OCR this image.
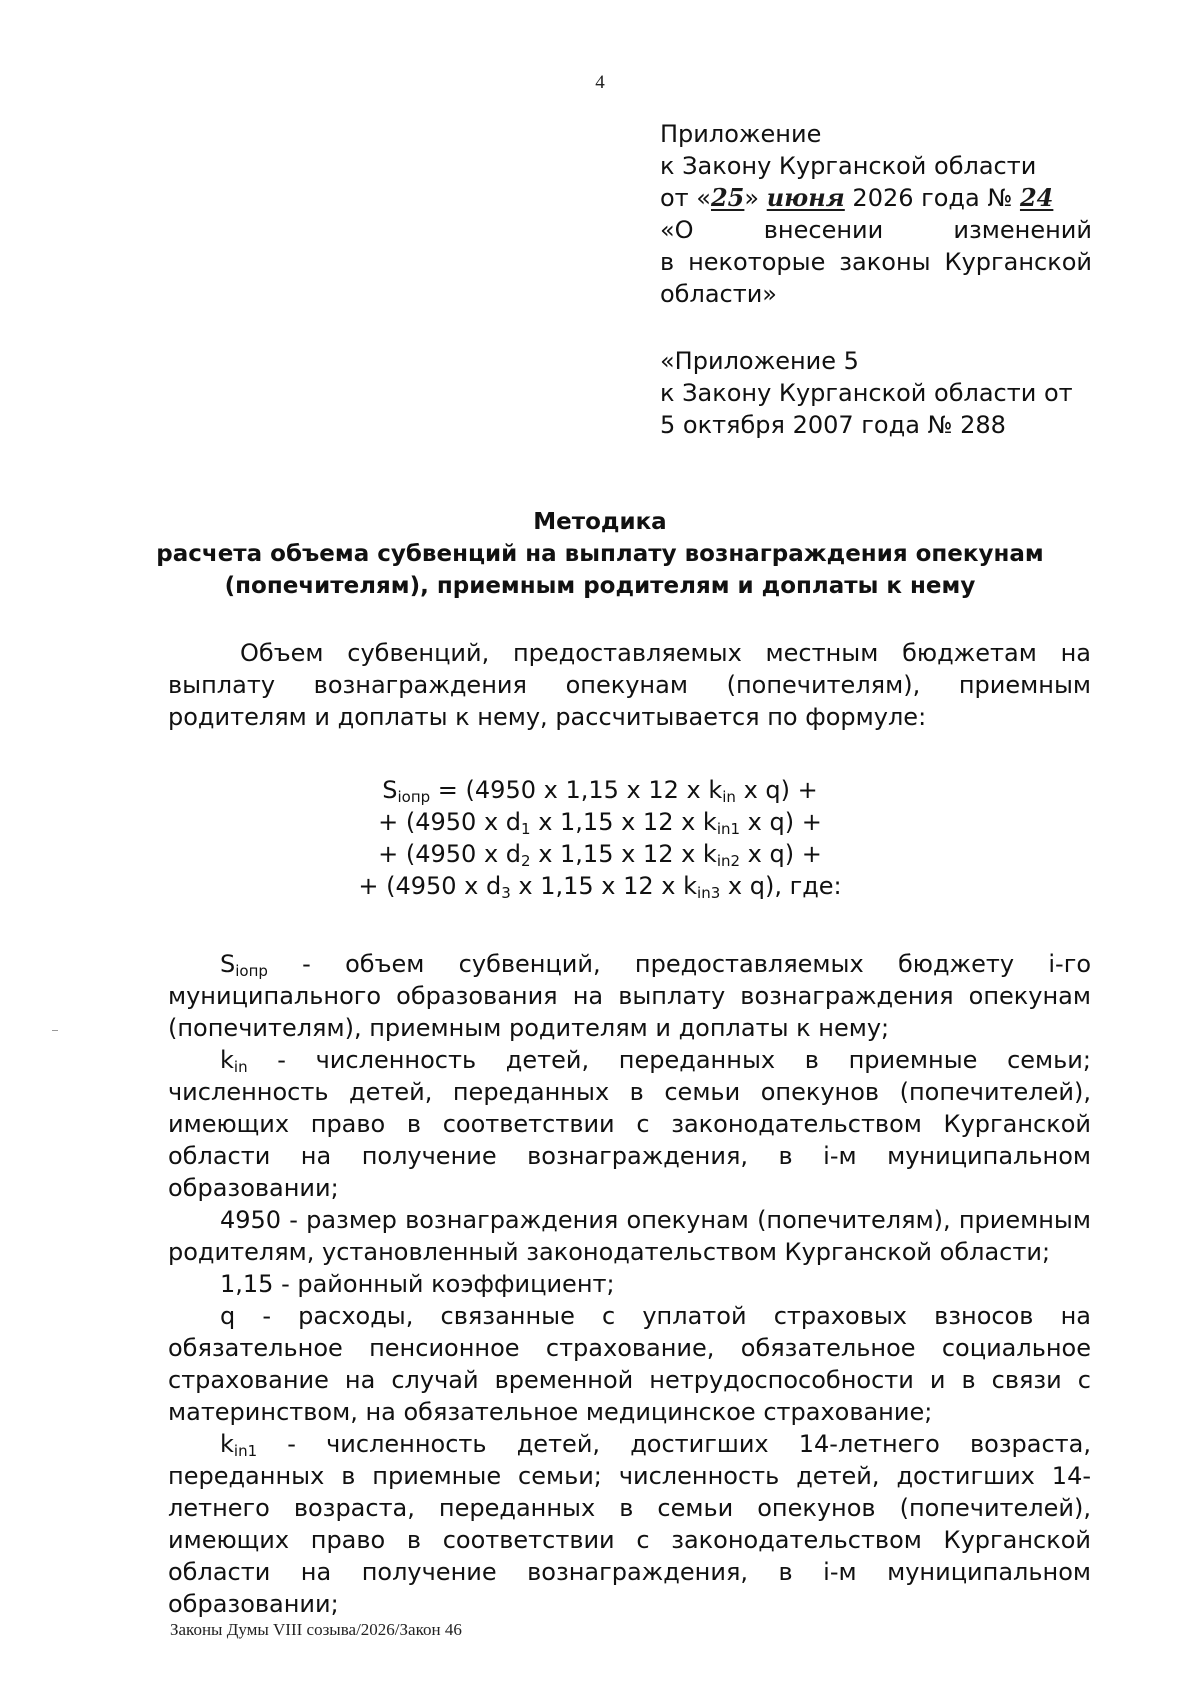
4
Приложение
к Закону Курганской области
от «25» июня 2026 года № 24
«О внесении изменений
в некоторые законы Курганской
области»
«Приложение 5
к Закону Курганской области от 5 октября 2007 года № 288
Методика
расчета объема субвенций на выплату вознаграждения опекунам
(попечителям), приемным родителям и доплаты к нему
Объем субвенций, предоставляемых местным бюджетам на выплату вознаграждения опекунам (попечителям), приемным родителям и доплаты к нему, рассчитывается по формуле:
$S_{iопр} = (4950$ x 1,15 x 12 x $k_{in}$ x q) +
+ (4950 x $d_1$ x 1,15 x 12 x $k_{in1}$ x q) +
+ (4950 x $d_2$ x 1,15 x 12 x $k_{in2}$ x q) +
+ (4950 x $d_3$ x 1,15 x 12 x $k_{in3}$ x q), где:
$S_{iопр}$ - объем субвенций, предоставляемых бюджету i-го муниципального образования на выплату вознаграждения опекунам (попечителям), приемным родителям и доплаты к нему;
$k_{in}$ - численность детей, переданных в приемные семьи; численность детей, переданных в семьи опекунов (попечителей), имеющих право в соответствии с законодательством Курганской области на получение вознаграждения, в i-м муниципальном образовании;
4950 - размер вознаграждения опекунам (попечителям), приемным родителям, установленный законодательством Курганской области;
1,15 - районный коэффициент;
q - расходы, связанные с уплатой страховых взносов на обязательное пенсионное страхование, обязательное социальное страхование на случай временной нетрудоспособности и в связи с материнством, на обязательное медицинское страхование;
$k_{in1}$ - численность детей, достигших 14-летнего возраста, переданных в приемные семьи; численность детей, достигших 14-летнего возраста, переданных в семьи опекунов (попечителей), имеющих право в соответствии с законодательством Курганской области на получение вознаграждения, в i-м муниципальном образовании;
Законы Думы VIII созыва/2026/Закон 46
